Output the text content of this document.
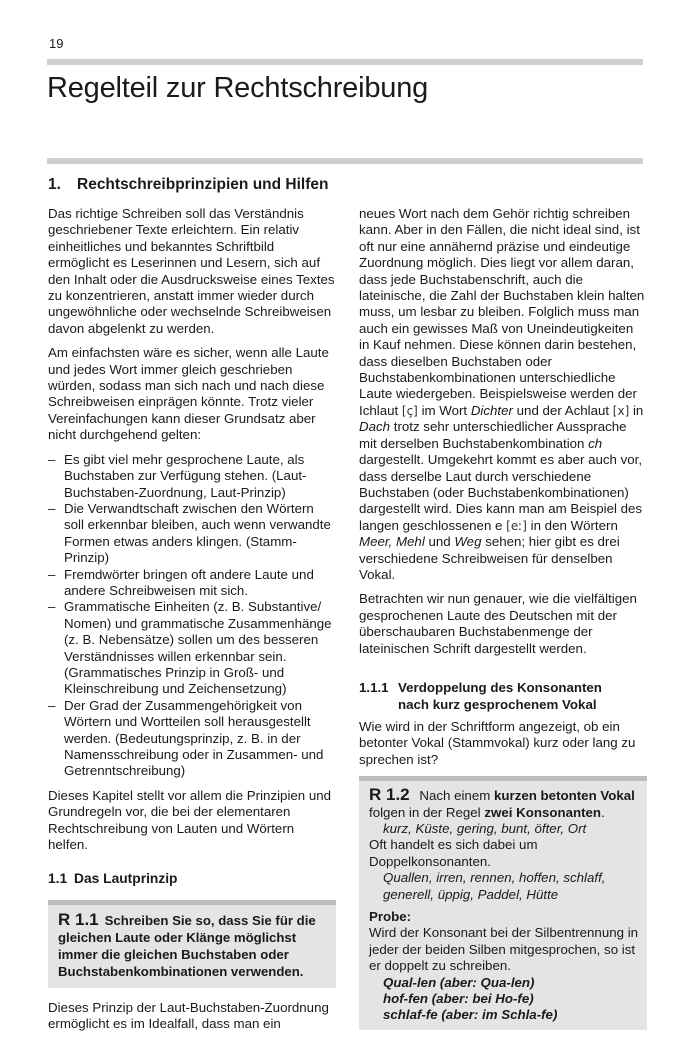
19
Regelteil zur Rechtschreibung
1. Rechtschreibprinzipien und Hilfen

Das richtige Schreiben soll das Verständnis geschriebener Texte erleichtern. Ein relativ einheitliches und bekanntes Schriftbild ermöglicht es Leserinnen und Lesern, sich auf den Inhalt oder die Ausdrucksweise eines Textes zu konzentrieren, anstatt immer wieder durch ungewöhnliche oder wechselnde Schreibweisen davon abgelenkt zu werden.

Am einfachsten wäre es sicher, wenn alle Laute und jedes Wort immer gleich geschrieben würden, sodass man sich nach und nach diese Schreibweisen einprägen könnte. Trotz vieler Vereinfachungen kann dieser Grundsatz aber nicht durchgehend gelten:

– Es gibt viel mehr gesprochene Laute, als Buchstaben zur Verfügung stehen. (Laut-Buchstaben-Zuordnung, Laut-Prinzip)
– Die Verwandtschaft zwischen den Wörtern soll erkennbar bleiben, auch wenn verwandte Formen etwas anders klingen. (Stamm-Prinzip)
– Fremdwörter bringen oft andere Laute und andere Schreibweisen mit sich.
– Grammatische Einheiten (z. B. Substantive/ Nomen) und grammatische Zusammenhänge (z. B. Nebensätze) sollen um des besseren Verständnisses willen erkennbar sein. (Grammatisches Prinzip in Groß- und Kleinschreibung und Zeichensetzung)
– Der Grad der Zusammengehörigkeit von Wörtern und Wortteilen soll herausgestellt werden. (Bedeutungsprinzip, z. B. in der Namensschreibung oder in Zusammen- und Getrenntschreibung)

Dieses Kapitel stellt vor allem die Prinzipien und Grundregeln vor, die bei der elementaren Rechtschreibung von Lauten und Wörtern helfen.

1.1 Das Lautprinzip
R 1.1 Schreiben Sie so, dass Sie für die gleichen Laute oder Klänge möglichst immer die gleichen Buchstaben oder Buchstabenkombinationen verwenden.

Dieses Prinzip der Laut-Buchstaben-Zuordnung ermöglicht es im Idealfall, dass man ein

neues Wort nach dem Gehör richtig schreiben kann. Aber in den Fällen, die nicht ideal sind, ist oft nur eine annähernd präzise und eindeutige Zuordnung möglich. Dies liegt vor allem daran, dass jede Buchstabenschrift, auch die lateinische, die Zahl der Buchstaben klein halten muss, um lesbar zu bleiben. Folglich muss man auch ein gewisses Maß von Uneindeutigkeiten in Kauf nehmen. Diese können darin bestehen, dass dieselben Buchstaben oder Buchstabenkombinationen unterschiedliche Laute wiedergeben. Beispielsweise werden der Ichlaut [ç] im Wort Dichter und der Achlaut [x] in Dach trotz sehr unterschiedlicher Aussprache mit derselben Buchstabenkombination ch dargestellt. Umgekehrt kommt es aber auch vor, dass derselbe Laut durch verschiedene Buchstaben (oder Buchstabenkombinationen) dargestellt wird. Dies kann man am Beispiel des langen geschlossenen e [eː] in den Wörtern Meer, Mehl und Weg sehen; hier gibt es drei verschiedene Schreibweisen für denselben Vokal.

Betrachten wir nun genauer, wie die vielfältigen gesprochenen Laute des Deutschen mit der überschaubaren Buchstabenmenge der lateinischen Schrift dargestellt werden.

1.1.1 Verdoppelung des Konsonanten
nach kurz gesprochenem Vokal

Wie wird in der Schriftform angezeigt, ob ein betonter Vokal (Stammvokal) kurz oder lang zu sprechen ist?

R 1.2 Nach einem kurzen betonten Vokal folgen in der Regel zwei Konsonanten.

kurz, Küste, gering, bunt, öfter, Ort

Oft handelt es sich dabei um Doppelkonsonanten.

Quallen, irren, rennen, hoffen, schlaff, generell, üppig, Paddel, Hütte

Probe:

Wird der Konsonant bei der Silbentrennung in jeder der beiden Silben mitgesprochen, so ist er doppelt zu schreiben.

Qual-len (aber: Qua-len)

hof-fen (aber: bei Ho-fe)

schlaf-fe (aber: im Schla-fe)
